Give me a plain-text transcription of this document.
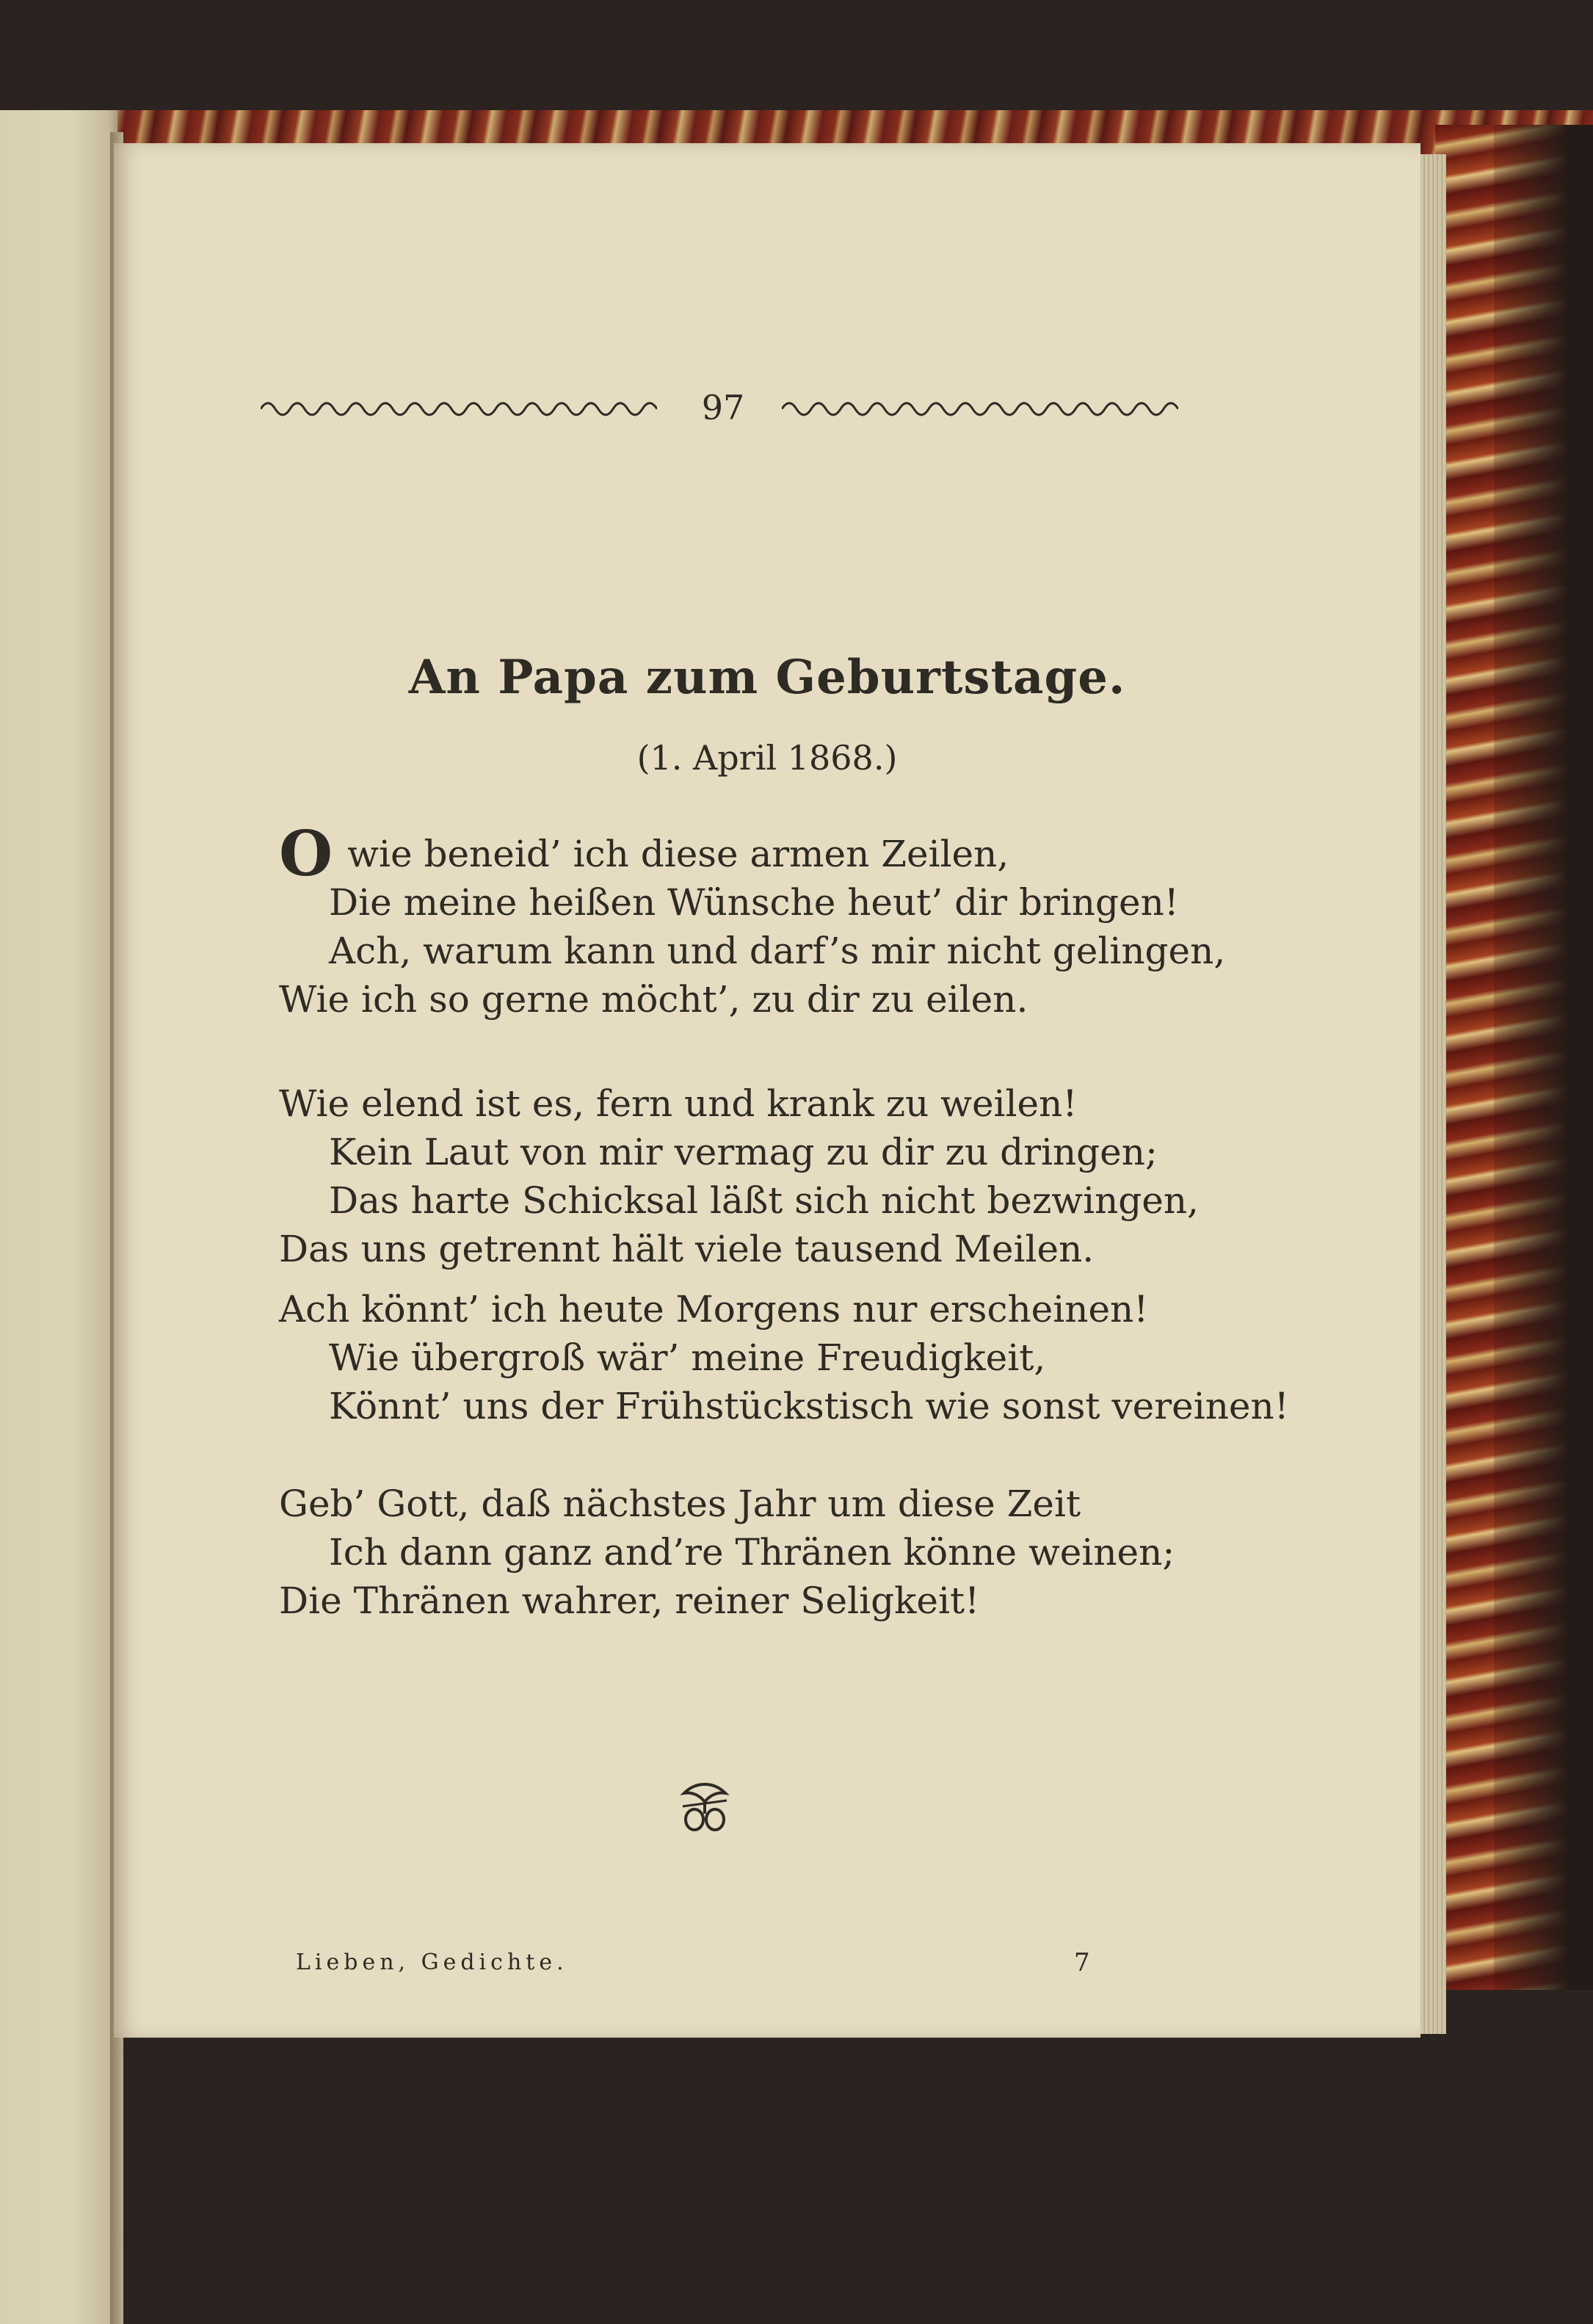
97
An Papa zum Geburtstage.
(1. April 1868.)
Owie beneid’ ich diese armen Zeilen,
Die meine heißen Wünsche heut’ dir bringen!
Ach, warum kann und darf’s mir nicht gelingen,
Wie ich so gerne möcht’, zu dir zu eilen.
Wie elend ist es, fern und krank zu weilen!
Kein Laut von mir vermag zu dir zu dringen;
Das harte Schicksal läßt sich nicht bezwingen,
Das uns getrennt hält viele tausend Meilen.
Ach könnt’ ich heute Morgens nur erscheinen!
Wie übergroß wär’ meine Freudigkeit,
Könnt’ uns der Frühstückstisch wie sonst vereinen!
Geb’ Gott, daß nächstes Jahr um diese Zeit
Ich dann ganz and’re Thränen könne weinen;
Die Thränen wahrer, reiner Seligkeit!
Lieben, Gedichte.	7
